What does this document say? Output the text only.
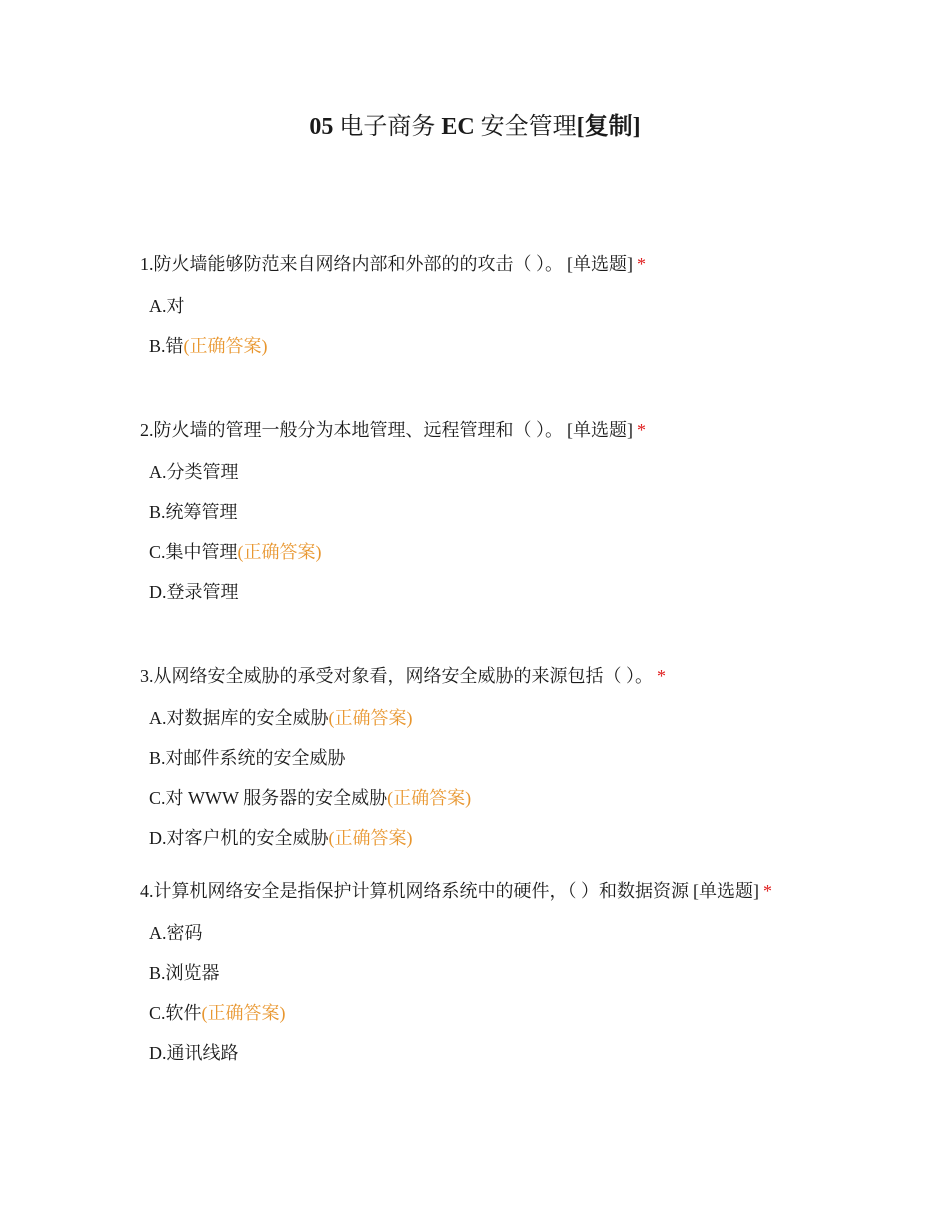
05 电子商务 EC 安全管理[复制]

1.防火墙能够防范来自网络内部和外部的的攻击（ ）。 [单选题] *

A.对
B.错(正确答案)

2.防火墙的管理一般分为本地管理、远程管理和（ ）。 [单选题] *

A.分类管理
B.统筹管理
C.集中管理(正确答案)
D.登录管理

3.从网络安全威胁的承受对象看，网络安全威胁的来源包括（ ）。 *

A.对数据库的安全威胁(正确答案)
B.对邮件系统的安全威胁
C.对 WWW 服务器的安全威胁(正确答案)
D.对客户机的安全威胁(正确答案)

4.计算机网络安全是指保护计算机网络系统中的硬件，（ ）和数据资源 [单选题] *

A.密码
B.浏览器
C.软件(正确答案)
D.通讯线路
